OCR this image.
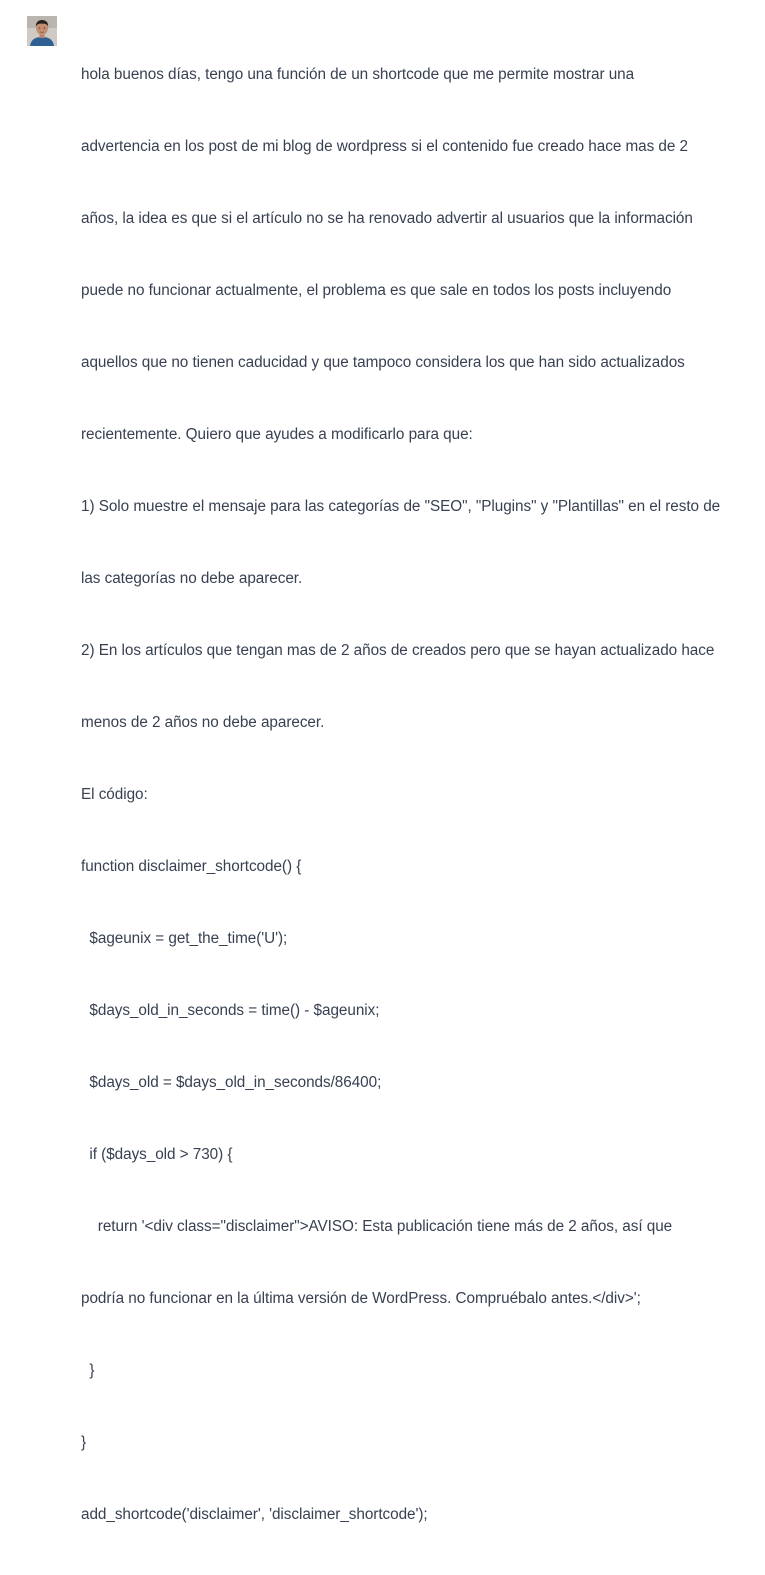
hola buenos días, tengo una función de un shortcode que me permite mostrar una

advertencia en los post de mi blog de wordpress si el contenido fue creado hace mas de 2

años, la idea es que si el artículo no se ha renovado advertir al usuarios que la información

puede no funcionar actualmente, el problema es que sale en todos los posts incluyendo

aquellos que no tienen caducidad y que tampoco considera los que han sido actualizados

recientemente. Quiero que ayudes a modificarlo para que:

1) Solo muestre el mensaje para las categorías de "SEO", "Plugins" y "Plantillas" en el resto de

las categorías no debe aparecer.

2) En los artículos que tengan mas de 2 años de creados pero que se hayan actualizado hace

menos de 2 años no debe aparecer.

El código:

function disclaimer_shortcode() {

$ageunix = get_the_time('U');

$days_old_in_seconds = time() - $ageunix;

$days_old = $days_old_in_seconds/86400;

if ($days_old > 730) {

return '<div class="disclaimer">AVISO: Esta publicación tiene más de 2 años, así que

podría no funcionar en la última versión de WordPress. Compruébalo antes.</div>';

}

}

add_shortcode('disclaimer', 'disclaimer_shortcode');
